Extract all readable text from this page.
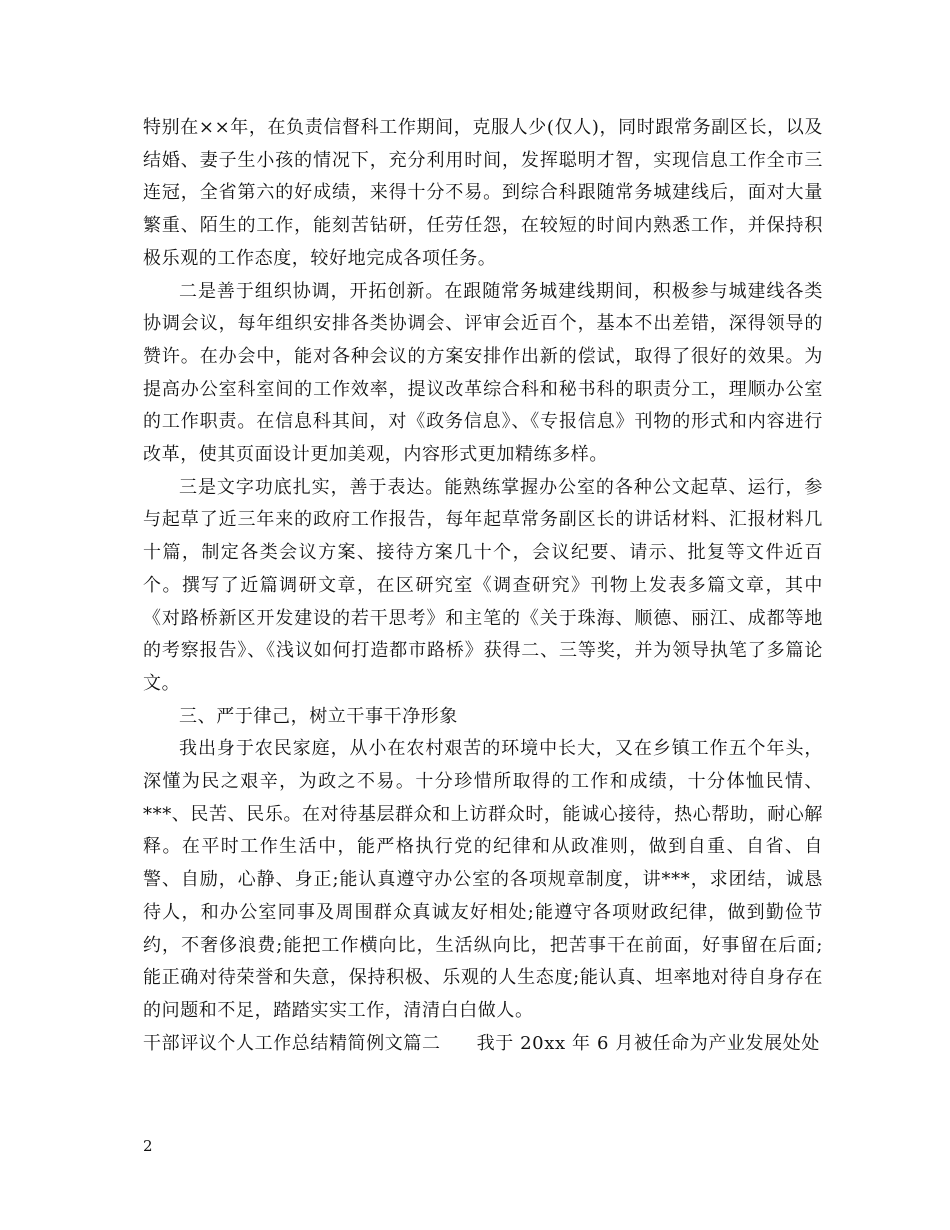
特别在××年，在负责信督科工作期间，克服人少(仅人)，同时跟常务副区长，以及结婚、妻子生小孩的情况下，充分利用时间，发挥聪明才智，实现信息工作全市三连冠，全省第六的好成绩，来得十分不易。到综合科跟随常务城建线后，面对大量繁重、陌生的工作，能刻苦钻研，任劳任怨，在较短的时间内熟悉工作，并保持积极乐观的工作态度，较好地完成各项任务。

二是善于组织协调，开拓创新。在跟随常务城建线期间，积极参与城建线各类协调会议，每年组织安排各类协调会、评审会近百个，基本不出差错，深得领导的赞许。在办会中，能对各种会议的方案安排作出新的偿试，取得了很好的效果。为提高办公室科室间的工作效率，提议改革综合科和秘书科的职责分工，理顺办公室的工作职责。在信息科其间，对《政务信息》、《专报信息》刊物的形式和内容进行改革，使其页面设计更加美观，内容形式更加精练多样。

三是文字功底扎实，善于表达。能熟练掌握办公室的各种公文起草、运行，参与起草了近三年来的政府工作报告，每年起草常务副区长的讲话材料、汇报材料几十篇，制定各类会议方案、接待方案几十个，会议纪要、请示、批复等文件近百个。撰写了近篇调研文章，在区研究室《调查研究》刊物上发表多篇文章，其中《对路桥新区开发建设的若干思考》和主笔的《关于珠海、顺德、丽江、成都等地的考察报告》、《浅议如何打造都市路桥》获得二、三等奖，并为领导执笔了多篇论文。

三、严于律己，树立干事干净形象

我出身于农民家庭，从小在农村艰苦的环境中长大，又在乡镇工作五个年头，深懂为民之艰辛，为政之不易。十分珍惜所取得的工作和成绩，十分体恤民情、***、民苦、民乐。在对待基层群众和上访群众时，能诚心接待，热心帮助，耐心解释。在平时工作生活中，能严格执行党的纪律和从政准则，做到自重、自省、自警、自励，心静、身正;能认真遵守办公室的各项规章制度，讲***，求团结，诚恳待人，和办公室同事及周围群众真诚友好相处;能遵守各项财政纪律，做到勤俭节约，不奢侈浪费;能把工作横向比，生活纵向比，把苦事干在前面，好事留在后面;能正确对待荣誉和失意，保持积极、乐观的人生态度;能认真、坦率地对待自身存在的问题和不足，踏踏实实工作，清清白白做人。

干部评议个人工作总结精简例文篇二 我于 20xx 年 6 月被任命为产业发展处处

2
